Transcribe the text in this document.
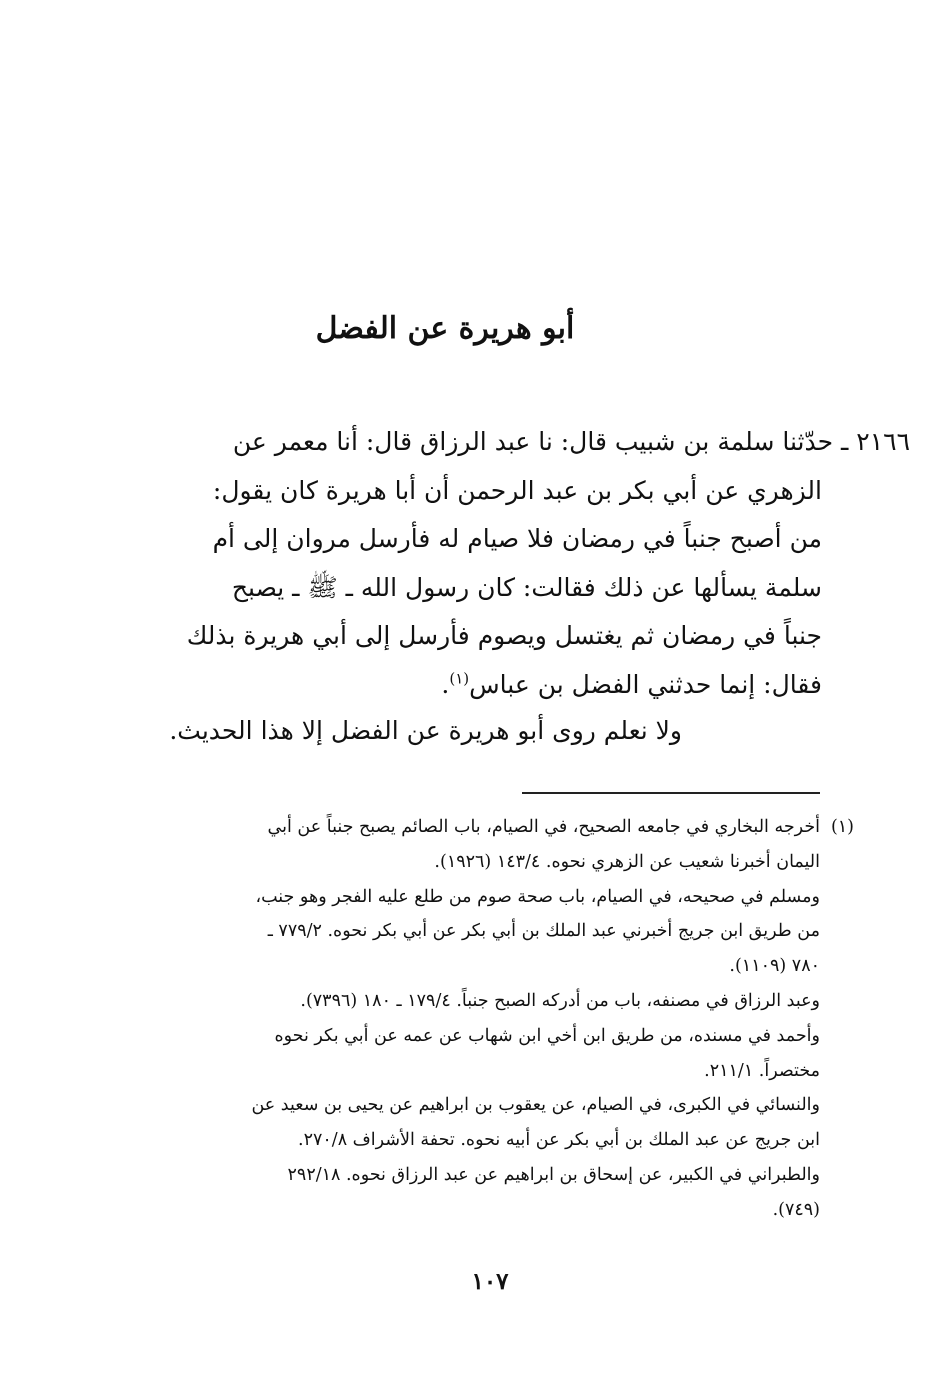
أبو هريرة عن الفضل
٢١٦٦ ـ حدّثنا سلمة بن شبيب قال: نا عبد الرزاق قال: أنا معمر عن
الزهري عن أبي بكر بن عبد الرحمن أن أبا هريرة كان يقول:
من أصبح جنباً في رمضان فلا صيام له فأرسل مروان إلى أم
سلمة يسألها عن ذلك فقالت: كان رسول الله ـ ﷺ ـ يصبح
جنباً في رمضان ثم يغتسل ويصوم فأرسل إلى أبي هريرة بذلك
فقال: إنما حدثني الفضل بن عباس$^{(١)}$.

ولا نعلم روى أبو هريرة عن الفضل إلا هذا الحديث.

(١)
أخرجه البخاري في جامعه الصحيح، في الصيام، باب الصائم يصبح جنباً عن أبي
اليمان أخبرنا شعيب عن الزهري نحوه. ١٤٣/٤ (١٩٢٦).
ومسلم في صحيحه، في الصيام، باب صحة صوم من طلع عليه الفجر وهو جنب،
من طريق ابن جريج أخبرني عبد الملك بن أبي بكر عن أبي بكر نحوه. ٧٧٩/٢ ـ
٧٨٠ (١١٠٩).
وعبد الرزاق في مصنفه، باب من أدركه الصبح جنباً. ١٧٩/٤ ـ ١٨٠ (٧٣٩٦).
وأحمد في مسنده، من طريق ابن أخي ابن شهاب عن عمه عن أبي بكر نحوه
مختصراً. ٢١١/١.
والنسائي في الكبرى، في الصيام، عن يعقوب بن ابراهيم عن يحيى بن سعيد عن
ابن جريج عن عبد الملك بن أبي بكر عن أبيه نحوه. تحفة الأشراف ٢٧٠/٨.
والطبراني في الكبير، عن إسحاق بن ابراهيم عن عبد الرزاق نحوه. ٢٩٢/١٨
(٧٤٩).

١٠٧
